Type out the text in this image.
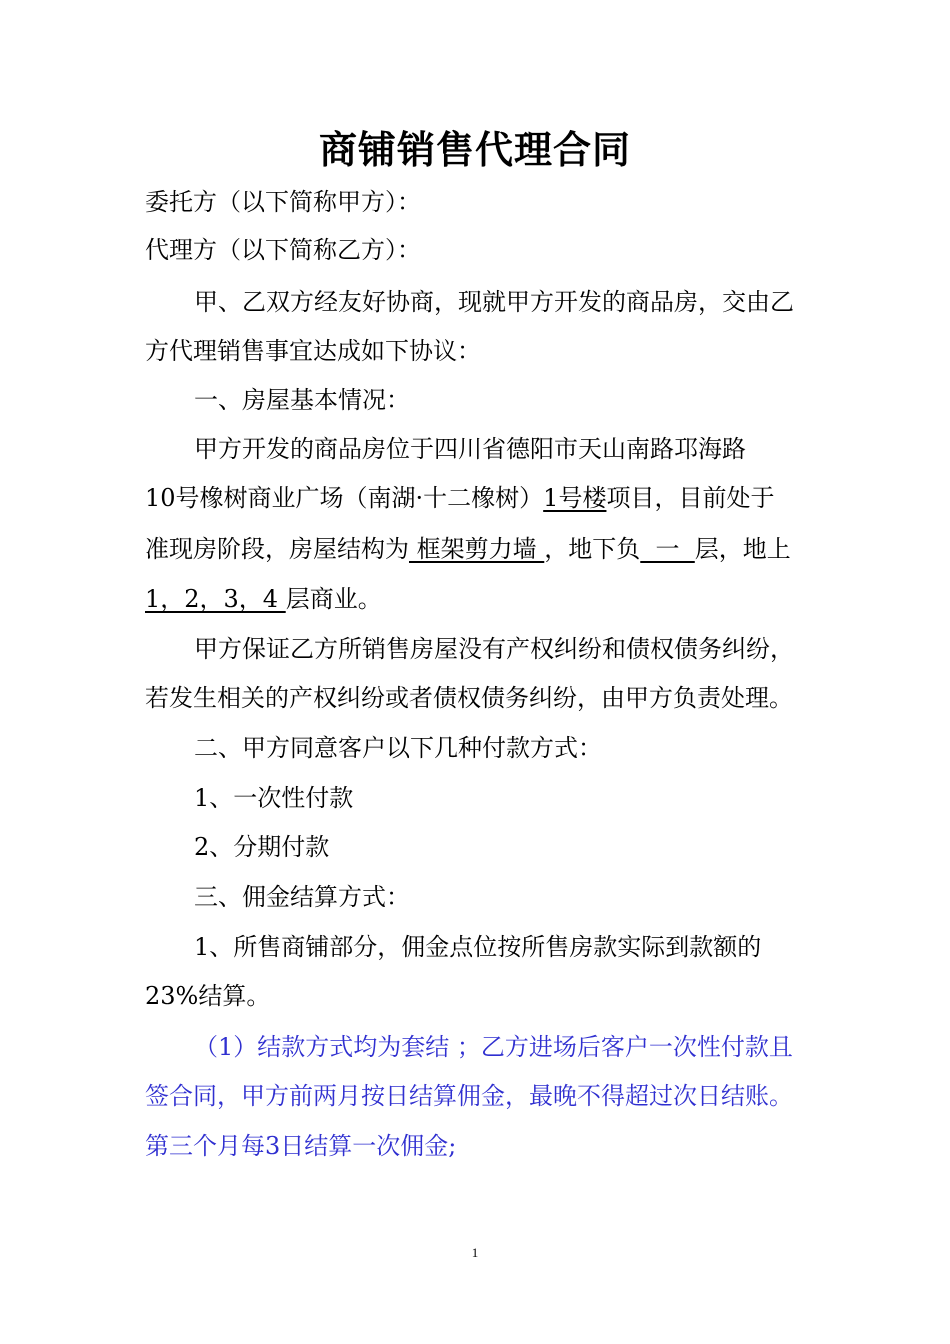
商铺销售代理合同
委托方（以下简称甲方）：
代理方（以下简称乙方）：
甲、乙双方经友好协商，现就甲方开发的商品房，交由乙
方代理销售事宜达成如下协议：
一、房屋基本情况：
甲方开发的商品房位于四川省德阳市天山南路邛海路
10号橡树商业广场（南湖·十二橡树）1号楼项目，目前处于
准现房阶段，房屋结构为 框架剪力墙 ，地下负  一  层，地上
1，2，3，4 层商业。
甲方保证乙方所销售房屋没有产权纠纷和债权债务纠纷，
若发生相关的产权纠纷或者债权债务纠纷，由甲方负责处理。
二、甲方同意客户以下几种付款方式：
1、一次性付款
2、分期付款
三、佣金结算方式：
1、所售商铺部分，佣金点位按所售房款实际到款额的
23%结算。
（1）结款方式均为套结 ；乙方进场后客户一次性付款且
签合同，甲方前两月按日结算佣金，最晚不得超过次日结账。
第三个月每3日结算一次佣金;
1
